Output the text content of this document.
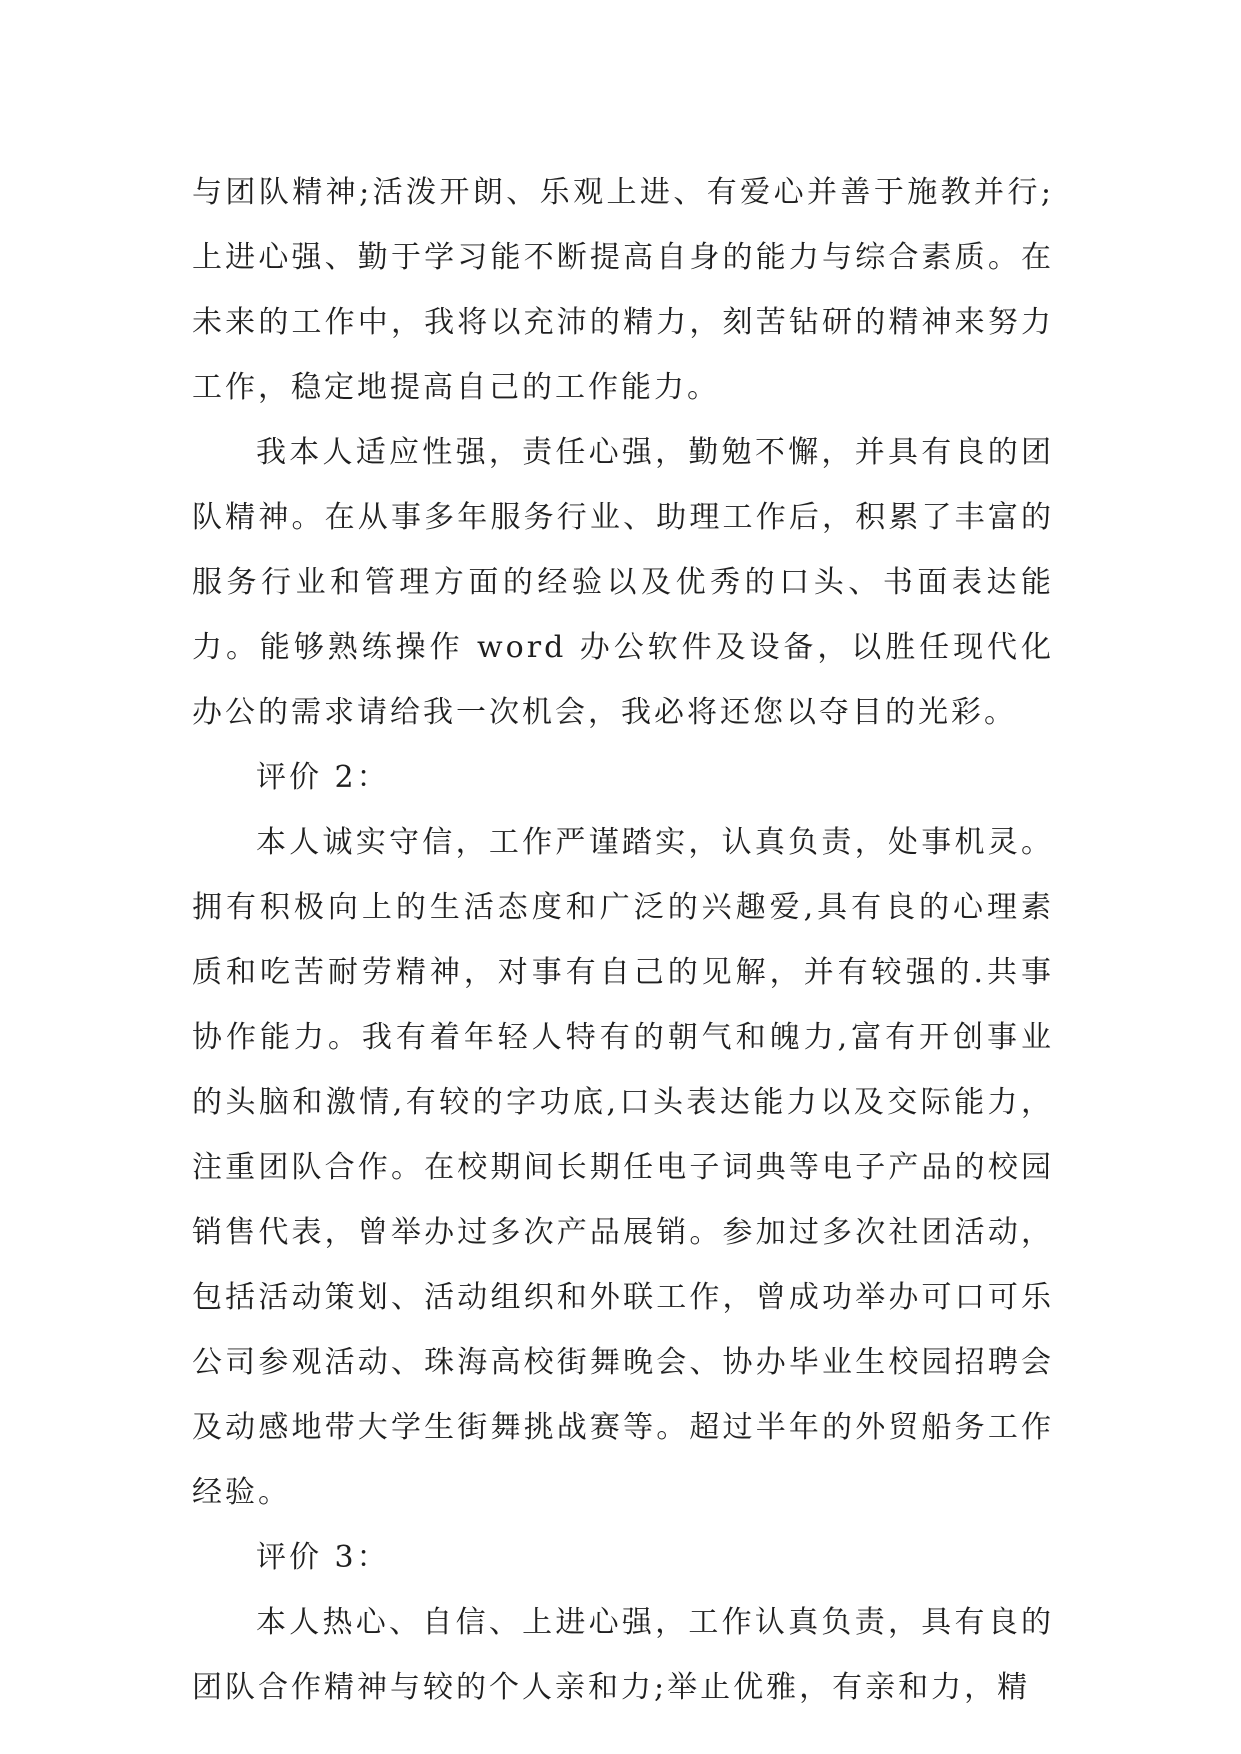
与团队精神;活泼开朗、乐观上进、有爱心并善于施教并行;上进心强、勤于学习能不断提高自身的能力与综合素质。在未来的工作中，我将以充沛的精力，刻苦钻研的精神来努力工作，稳定地提高自己的工作能力。

我本人适应性强，责任心强，勤勉不懈，并具有良的团队精神。在从事多年服务行业、助理工作后，积累了丰富的服务行业和管理方面的经验以及优秀的口头、书面表达能力。能够熟练操作 word 办公软件及设备，以胜任现代化办公的需求请给我一次机会，我必将还您以夺目的光彩。

评价 2：

本人诚实守信，工作严谨踏实，认真负责，处事机灵。拥有积极向上的生活态度和广泛的兴趣爱,具有良的心理素质和吃苦耐劳精神，对事有自己的见解，并有较强的.共事协作能力。我有着年轻人特有的朝气和魄力,富有开创事业的头脑和激情,有较的字功底,口头表达能力以及交际能力，注重团队合作。在校期间长期任电子词典等电子产品的校园销售代表，曾举办过多次产品展销。参加过多次社团活动，包括活动策划、活动组织和外联工作，曾成功举办可口可乐公司参观活动、珠海高校街舞晚会、协办毕业生校园招聘会及动感地带大学生街舞挑战赛等。超过半年的外贸船务工作经验。

评价 3：

本人热心、自信、上进心强，工作认真负责，具有良的团队合作精神与较的个人亲和力;举止优雅，有亲和力，精
